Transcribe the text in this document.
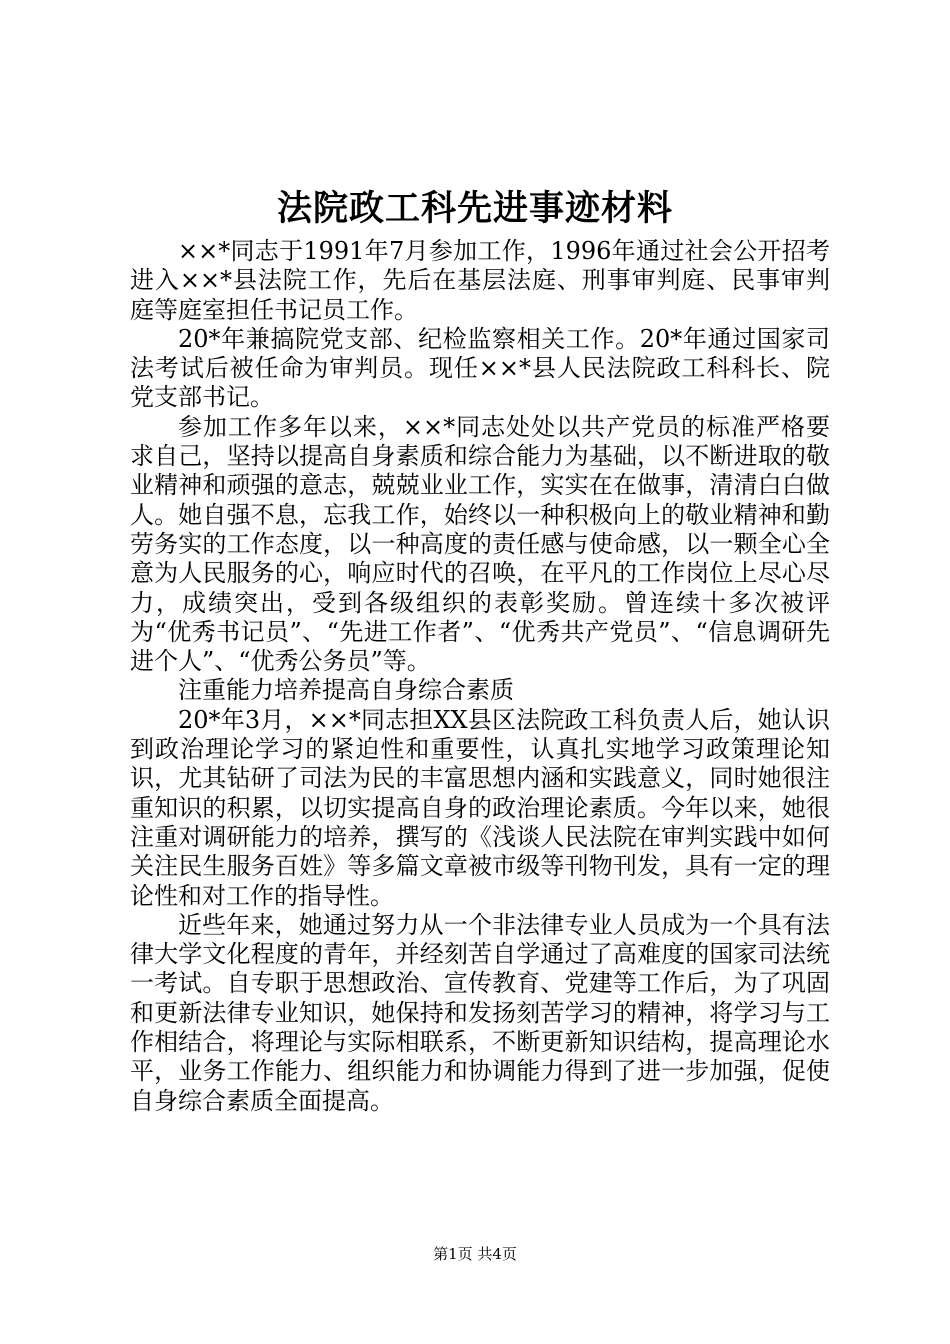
法院政工科先进事迹材料

××*同志于1991年7月参加工作，1996年通过社会公开招考进入××*县法院工作，先后在基层法庭、刑事审判庭、民事审判庭等庭室担任书记员工作。

20*年兼搞院党支部、纪检监察相关工作。20*年通过国家司法考试后被任命为审判员。现任××*县人民法院政工科科长、院党支部书记。

参加工作多年以来，××*同志处处以共产党员的标准严格要求自己，坚持以提高自身素质和综合能力为基础，以不断进取的敬业精神和顽强的意志，兢兢业业工作，实实在在做事，清清白白做人。她自强不息，忘我工作，始终以一种积极向上的敬业精神和勤劳务实的工作态度，以一种高度的责任感与使命感，以一颗全心全意为人民服务的心，响应时代的召唤，在平凡的工作岗位上尽心尽力，成绩突出，受到各级组织的表彰奖励。曾连续十多次被评为“优秀书记员”、“先进工作者”、“优秀共产党员”、“信息调研先进个人”、“优秀公务员”等。

注重能力培养提高自身综合素质

20*年3月，××*同志担XX县区法院政工科负责人后，她认识到政治理论学习的紧迫性和重要性，认真扎实地学习政策理论知识，尤其钻研了司法为民的丰富思想内涵和实践意义，同时她很注重知识的积累，以切实提高自身的政治理论素质。今年以来，她很注重对调研能力的培养，撰写的《浅谈人民法院在审判实践中如何关注民生服务百姓》等多篇文章被市级等刊物刊发，具有一定的理论性和对工作的指导性。

近些年来，她通过努力从一个非法律专业人员成为一个具有法律大学文化程度的青年，并经刻苦自学通过了高难度的国家司法统一考试。自专职于思想政治、宣传教育、党建等工作后，为了巩固和更新法律专业知识，她保持和发扬刻苦学习的精神，将学习与工作相结合，将理论与实际相联系，不断更新知识结构，提高理论水平，业务工作能力、组织能力和协调能力得到了进一步加强，促使自身综合素质全面提高。

第1页 共4页
